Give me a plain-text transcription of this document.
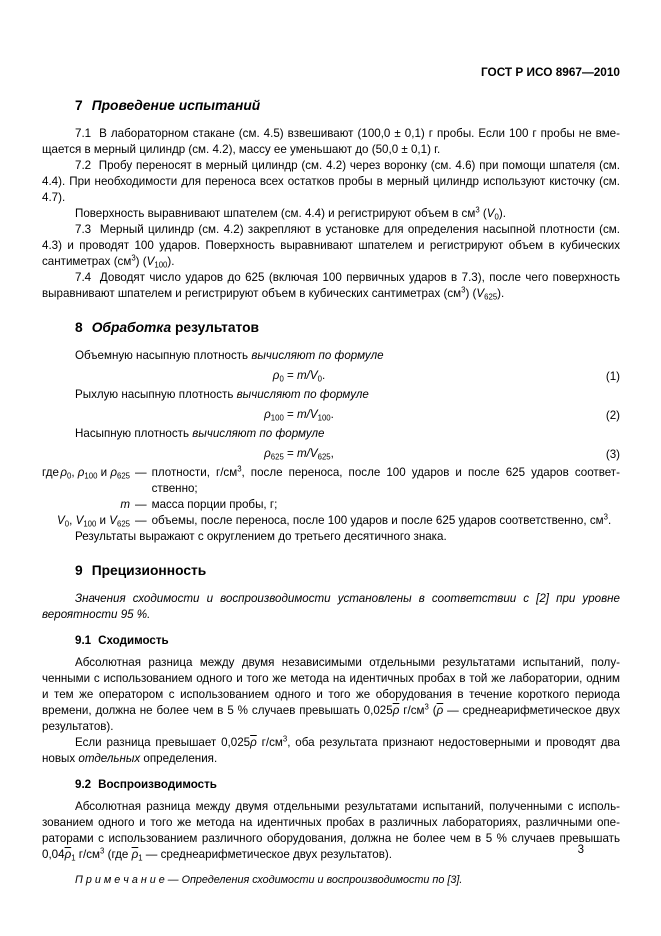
ГОСТ Р ИСО 8967—2010
7 Проведение испытаний

7.1  В лабораторном стакане (см. 4.5) взвешивают (100,0 ± 0,1) г пробы. Если 100 г пробы не вмещается в мерный цилиндр (см. 4.2), массу ее уменьшают до (50,0 ± 0,1) г.

7.2  Пробу переносят в мерный цилиндр (см. 4.2) через воронку (см. 4.6) при помощи шпателя (см. 4.4). При необходимости для переноса всех остатков пробы в мерный цилиндр используют кисточку (см. 4.7).

Поверхность выравнивают шпателем (см. 4.4) и регистрируют объем в $см^3$ $(V_0)$.

7.3  Мерный цилиндр (см. 4.2) закрепляют в установке для определения насыпной плотности (см. 4.3) и проводят 100 ударов. Поверхность выравнивают шпателем и регистрируют объем в кубических сантиметрах $(см^3)$ $(V_{100})$.

7.4  Доводят число ударов до 625 (включая 100 первичных ударов в 7.3), после чего поверхность выравнивают шпателем и регистрируют объем в кубических сантиметрах $(см^3)$ $(V_{625})$.

8 Обработка результатов

Объемную насыпную плотность вычисляют по формуле

$\rho_0 = m/V_0$.	(1)

Рыхлую насыпную плотность вычисляют по формуле

$\rho_{100} = m/V_{100}$.	(2)

Насыпную плотность вычисляют по формуле

$\rho_{625} = m/V_{625}$,	(3)
где $\rho_0$, $\rho_{100}$ и $\rho_{625}$ — плотности, $г/см^3$, после переноса, после 100 ударов и после 625 ударов соответственно;
m — масса порции пробы, г;
$V_0$, $V_{100}$ и $V_{625}$ — объемы, после переноса, после 100 ударов и после 625 ударов соответственно, $см^3$.

Результаты выражают с округлением до третьего десятичного знака.

9 Прецизионность

Значения сходимости и воспроизводимости установлены в соответствии с [2] при уровне вероятности 95 %.

9.1 Сходимость

Абсолютная разница между двумя независимыми отдельными результатами испытаний, полученными с использованием одного и того же метода на идентичных пробах в той же лаборатории, одним и тем же оператором с использованием одного и того же оборудования в течение короткого периода времени, должна не более чем в 5 % случаев превышать $0,025\overline{\rho}$ $г/см^3$ ($\overline{\rho}$ — среднеарифметическое двух результатов).

Если разница превышает $0,025\overline{\rho}$ $г/см^3$, оба результата признают недостоверными и проводят два новых отдельных определения.

9.2 Воспроизводимость

Абсолютная разница между двумя отдельными результатами испытаний, полученными с использованием одного и того же метода на идентичных пробах в различных лабораториях, различными операторами с использованием различного оборудования, должна не более чем в 5 % случаев превышать $0,04\overline{\rho}_1$ $г/см^3$ (где $\overline{\rho}_1$ — среднеарифметическое двух результатов).

П р и м е ч а н и е — Определения сходимости и воспроизводимости по [3].

3
